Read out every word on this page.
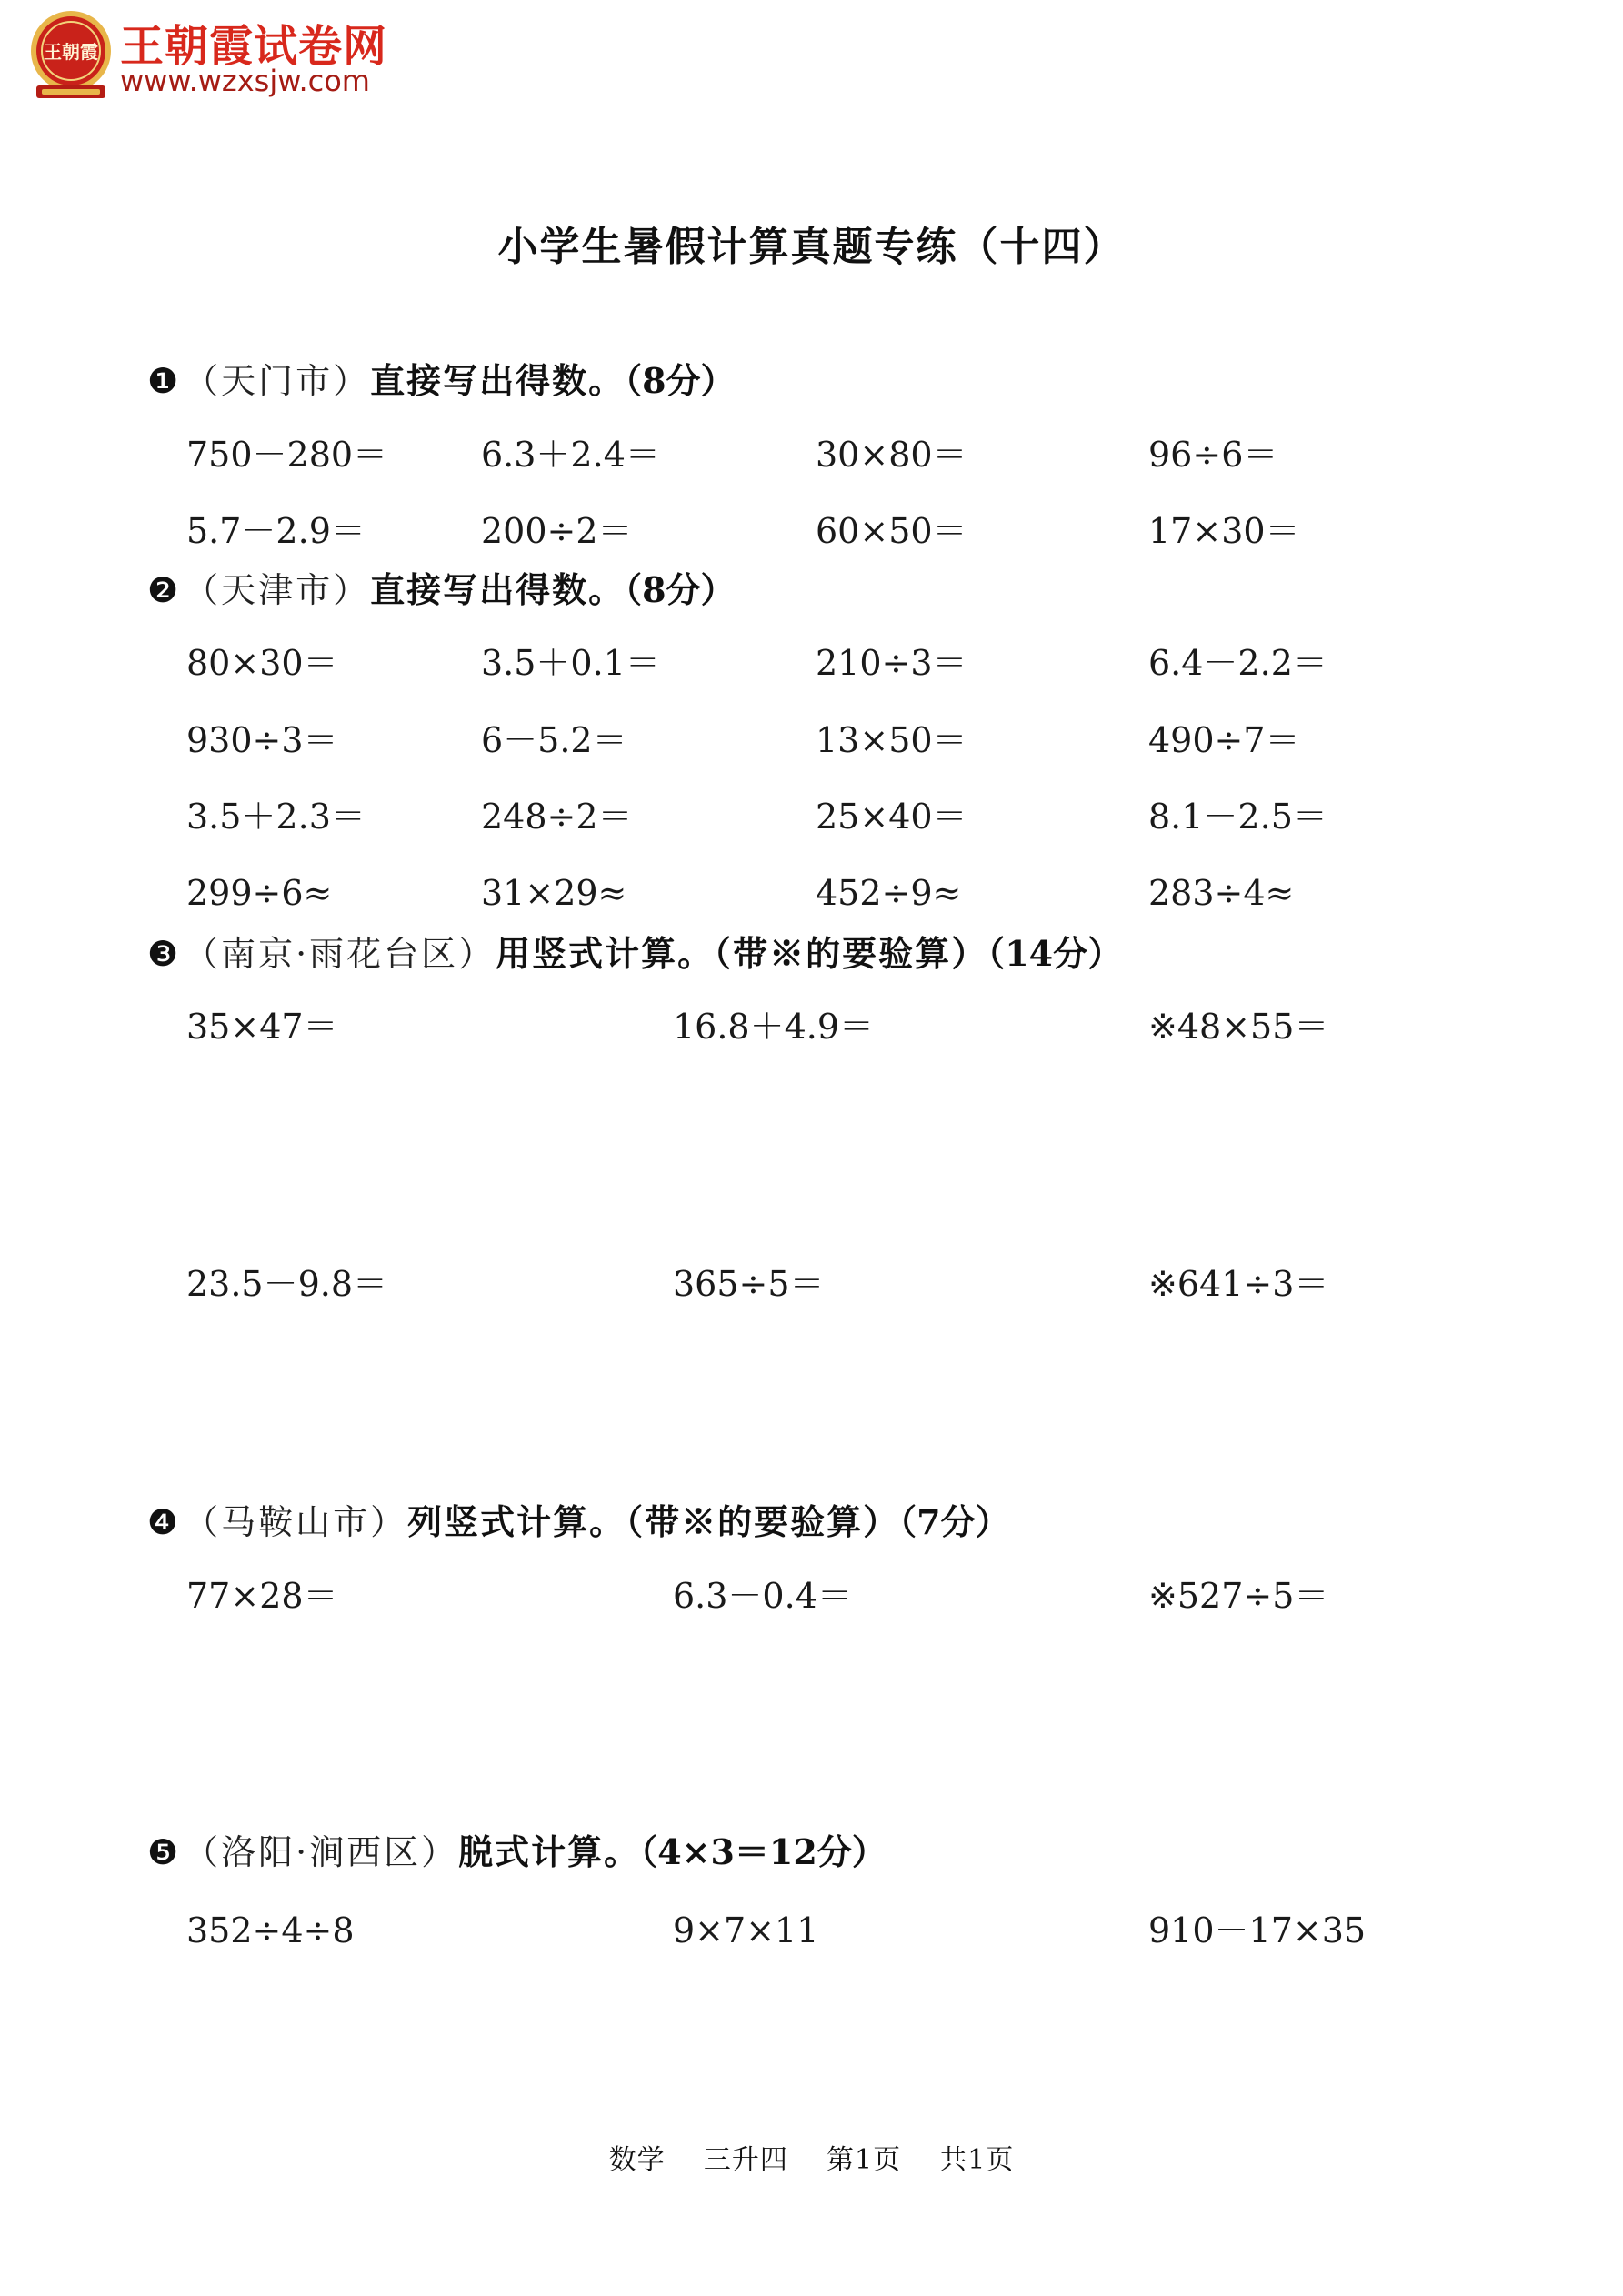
王朝霞 王朝霞试卷网
www.wzxsjw.com
小学生暑假计算真题专练（十四）
❶ （天门市）直接写出得数。（8分）
750－280＝	6.3＋2.4＝	30×80＝	96÷6＝
5.7－2.9＝	200÷2＝	60×50＝	17×30＝
❷ （天津市）直接写出得数。（8分）
80×30＝	3.5＋0.1＝	210÷3＝	6.4－2.2＝
930÷3＝	6－5.2＝	13×50＝	490÷7＝
3.5＋2.3＝	248÷2＝	25×40＝	8.1－2.5＝
299÷6≈	31×29≈	452÷9≈	283÷4≈
❸ （南京·雨花台区）用竖式计算。（带※的要验算）（14分）
35×47＝	16.8＋4.9＝	※48×55＝
23.5－9.8＝	365÷5＝	※641÷3＝
❹ （马鞍山市）列竖式计算。（带※的要验算）（7分）
77×28＝	6.3－0.4＝	※527÷5＝
❺ （洛阳·涧西区）脱式计算。（4×3＝12分）
352÷4÷8	9×7×11	910－17×35
数学 三升四 第1页 共1页
